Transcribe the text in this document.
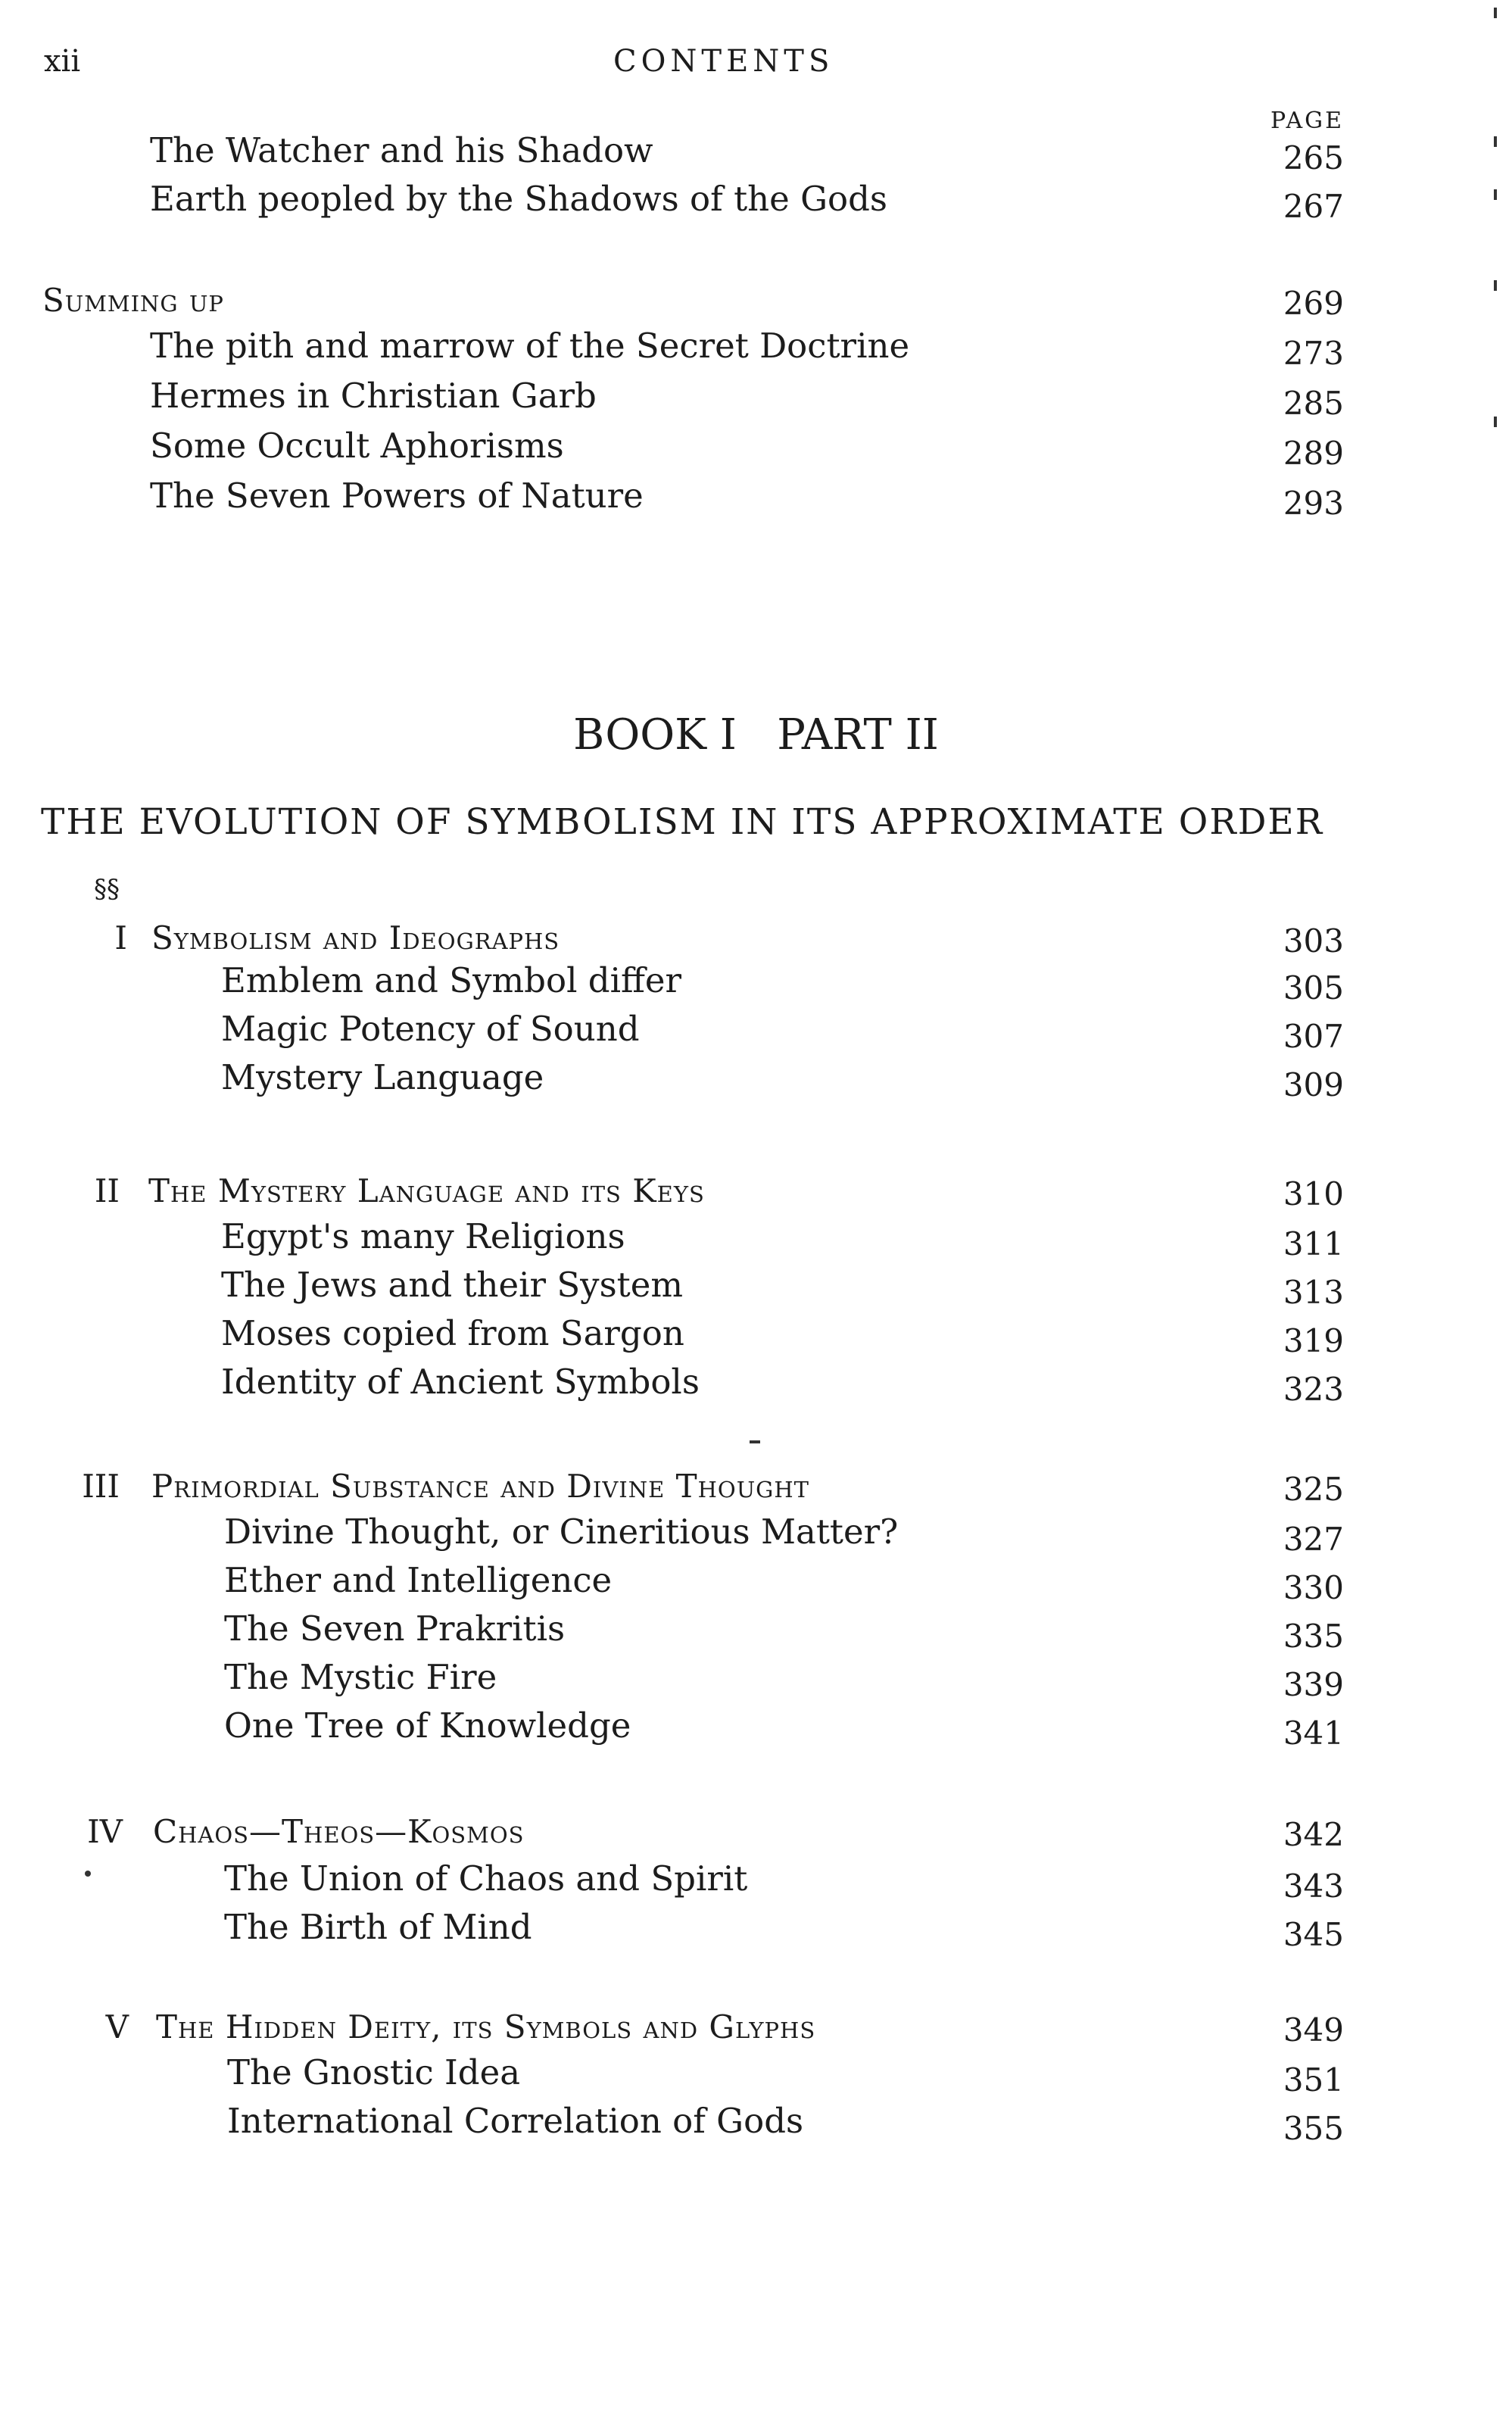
xii	CONTENTS
PAGE
The Watcher and his Shadow	265
Earth peopled by the Shadows of the Gods	267
Summing up	269
The pith and marrow of the Secret Doctrine	273
Hermes in Christian Garb	285
Some Occult Aphorisms	289
The Seven Powers of Nature	293
BOOK I   PART II
THE EVOLUTION OF SYMBOLISM IN ITS APPROXIMATE ORDER
§§
I Symbolism and Ideographs	303
Emblem and Symbol differ	305
Magic Potency of Sound	307
Mystery Language	309
II The Mystery Language and its Keys	310
Egypt's many Religions	311
The Jews and their System	313
Moses copied from Sargon	319
Identity of Ancient Symbols	323
III Primordial Substance and Divine Thought	325
Divine Thought, or Cineritious Matter?	327
Ether and Intelligence	330
The Seven Prakritis	335
The Mystic Fire	339
One Tree of Knowledge	341
IV Chaos—Theos—Kosmos	342
The Union of Chaos and Spirit	343
The Birth of Mind	345
V The Hidden Deity, its Symbols and Glyphs	349
The Gnostic Idea	351
International Correlation of Gods	355
